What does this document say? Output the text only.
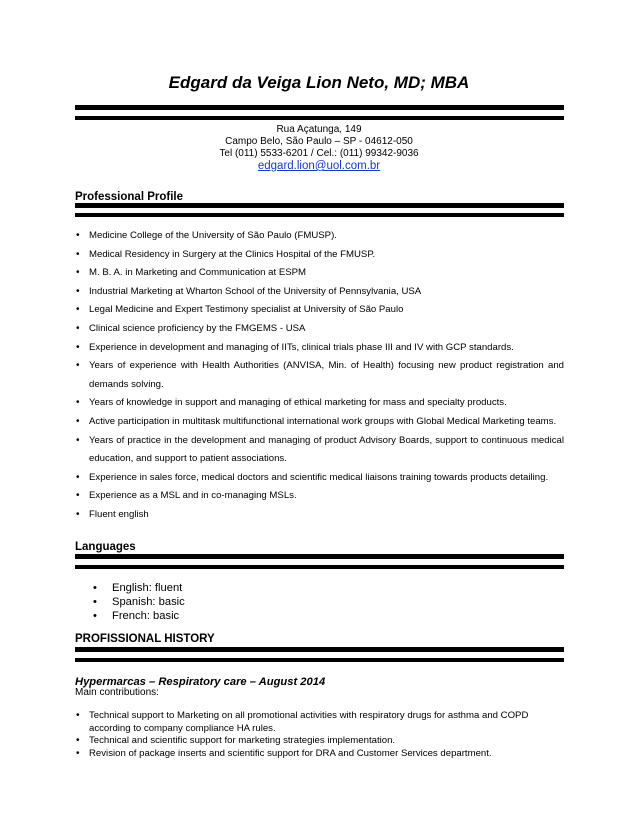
Edgard da Veiga Lion Neto, MD; MBA
Rua Açatunga, 149
Campo Belo, São Paulo – SP - 04612-050
Tel (011) 5533-6201 / Cel.: (011) 99342-9036
edgard.lion@uol.com.br
Professional Profile
• Medicine College of the University of São Paulo (FMUSP).
• Medical Residency in Surgery at the Clinics Hospital of the FMUSP.
• M. B. A. in Marketing and Communication at ESPM
• Industrial Marketing at Wharton School of the University of Pennsylvania, USA
• Legal Medicine and Expert Testimony specialist at University of São Paulo
• Clinical science proficiency by the FMGEMS - USA
• Experience in development and managing of IITs, clinical trials phase III and IV with GCP standards.
• Years of experience with Health Authorities (ANVISA, Min. of Health) focusing new product registration and demands solving.
• Years of knowledge in support and managing of ethical marketing for mass and specialty products.
• Active participation in multitask multifunctional international work groups with Global Medical Marketing teams.
• Years of practice in the development and managing of product Advisory Boards, support to continuous medical education, and support to patient associations.
• Experience in sales force, medical doctors and scientific medical liaisons training towards products detailing.
• Experience as a MSL and in co-managing MSLs.
• Fluent english
Languages
• English: fluent
• Spanish: basic
• French: basic
PROFISSIONAL HISTORY
Hypermarcas – Respiratory care – August 2014
Main contributions:
• Technical support to Marketing on all promotional activities with respiratory drugs for asthma and COPD according to company compliance HA rules.
• Technical and scientific support for marketing strategies implementation.
• Revision of package inserts and scientific support for DRA and Customer Services department.
